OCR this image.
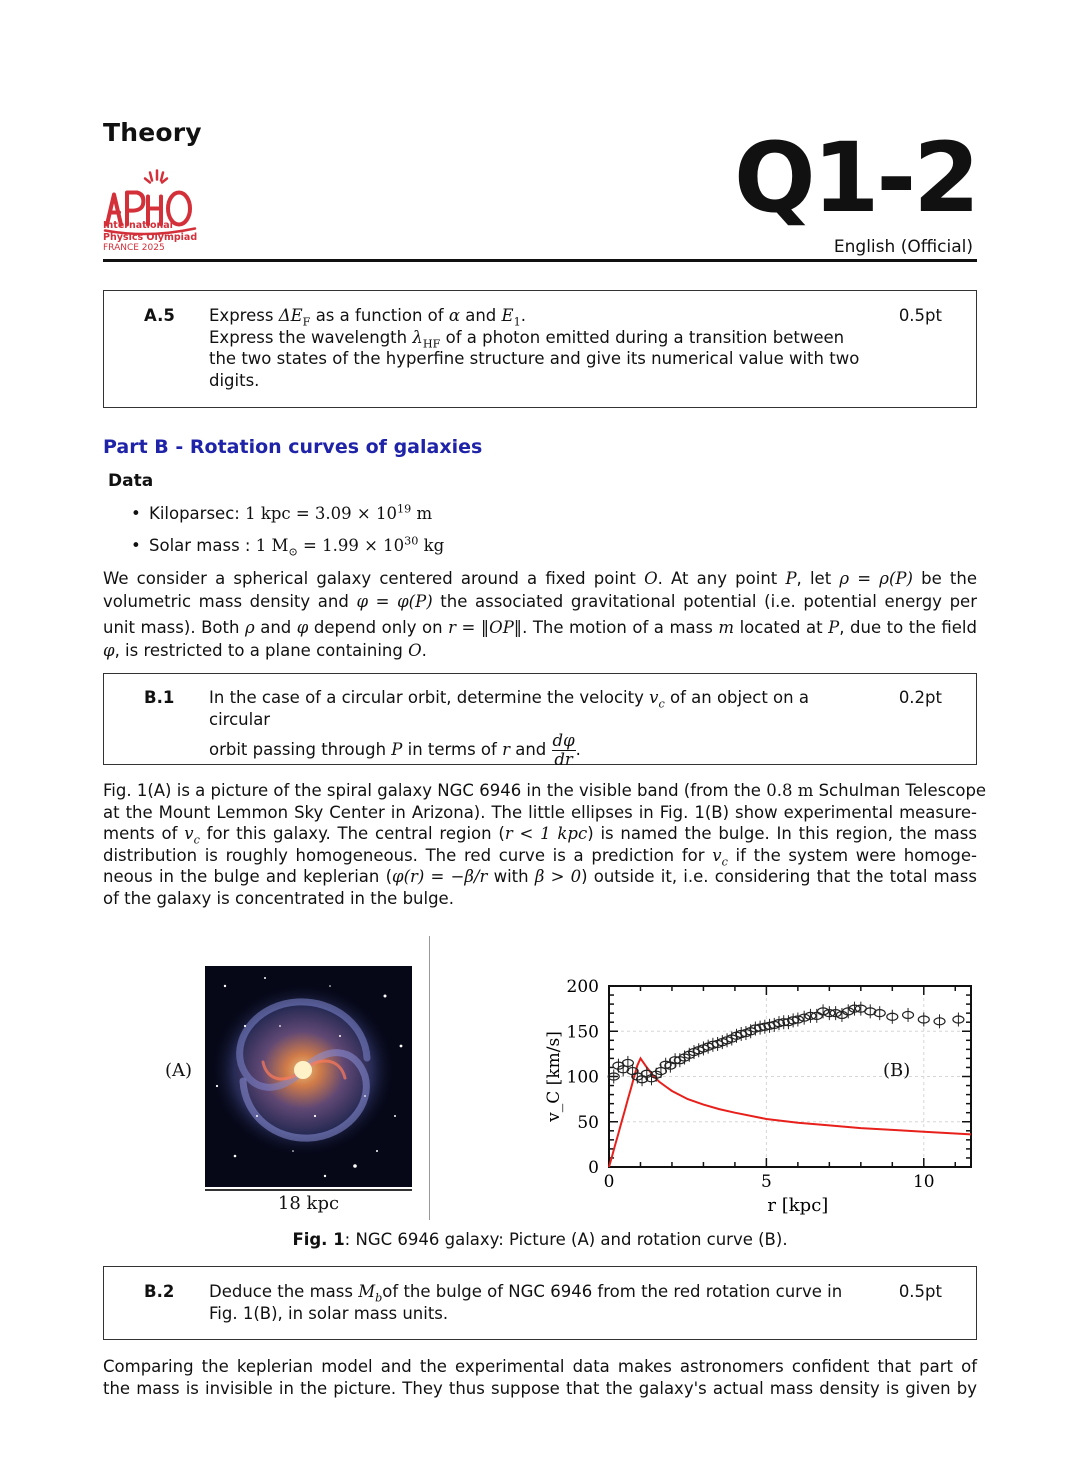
Theory
International
Physics Olympiad
FRANCE 2025
Q1-2
English (Official)
A.5 Express $\Delta E_F$ as a function of α and $E_1$.
Express the wavelength $\lambda_{HF}$ of a photon emitted during a transition between
the two states of the hyperfine structure and give its numerical value with two
digits.
0.5pt
Part B - Rotation curves of galaxies
Data
• Kiloparsec: 1 kpc = $3.09 \times 10^{19}$ m
• Solar mass : 1 $M_⊙ = 1.99 \times 10^{30}$ kg
We consider a spherical galaxy centered around a fixed point O. At any point P, let ρ = ρ(P) be the
volumetric mass density and φ = φ(P) the associated gravitational potential (i.e. potential energy per
unit mass). Both ρ and φ depend only on r = ‖OP‖. The motion of a mass m located at P, due to the field
φ, is restricted to a plane containing O.
B.1 In the case of a circular orbit, determine the velocity $v_c$ of an object on a circular
orbit passing through P in terms of r and $\frac{d\varphi}{dr}$ .
0.2pt
Fig. 1(A) is a picture of the spiral galaxy NGC 6946 in the visible band (from the 0.8 m Schulman Telescope
at the Mount Lemmon Sky Center in Arizona). The little ellipses in Fig. 1(B) show experimental measure-
ments of $v_c$ for this galaxy. The central region (r < 1 kpc) is named the bulge. In this region, the mass
distribution is roughly homogeneous. The red curve is a prediction for $v_c$ if the system were homoge-
neous in the bulge and keplerian (φ(r) = −β/r with β > 0) outside it, i.e. considering that the total mass
of the galaxy is concentrated in the bulge.
(A)
18 kpc
0	5	10
0
50
100
150
200
r [kpc]
v_C [km/s]	(B)
Fig. 1: NGC 6946 galaxy: Picture (A) and rotation curve (B).
B.2 Deduce the mass $M_bof$ the bulge of NGC 6946 from the red rotation curve in
Fig. 1(B), in solar mass units.
0.5pt
Comparing the keplerian model and the experimental data makes astronomers confident that part of
the mass is invisible in the picture. They thus suppose that the galaxy's actual mass density is given by
